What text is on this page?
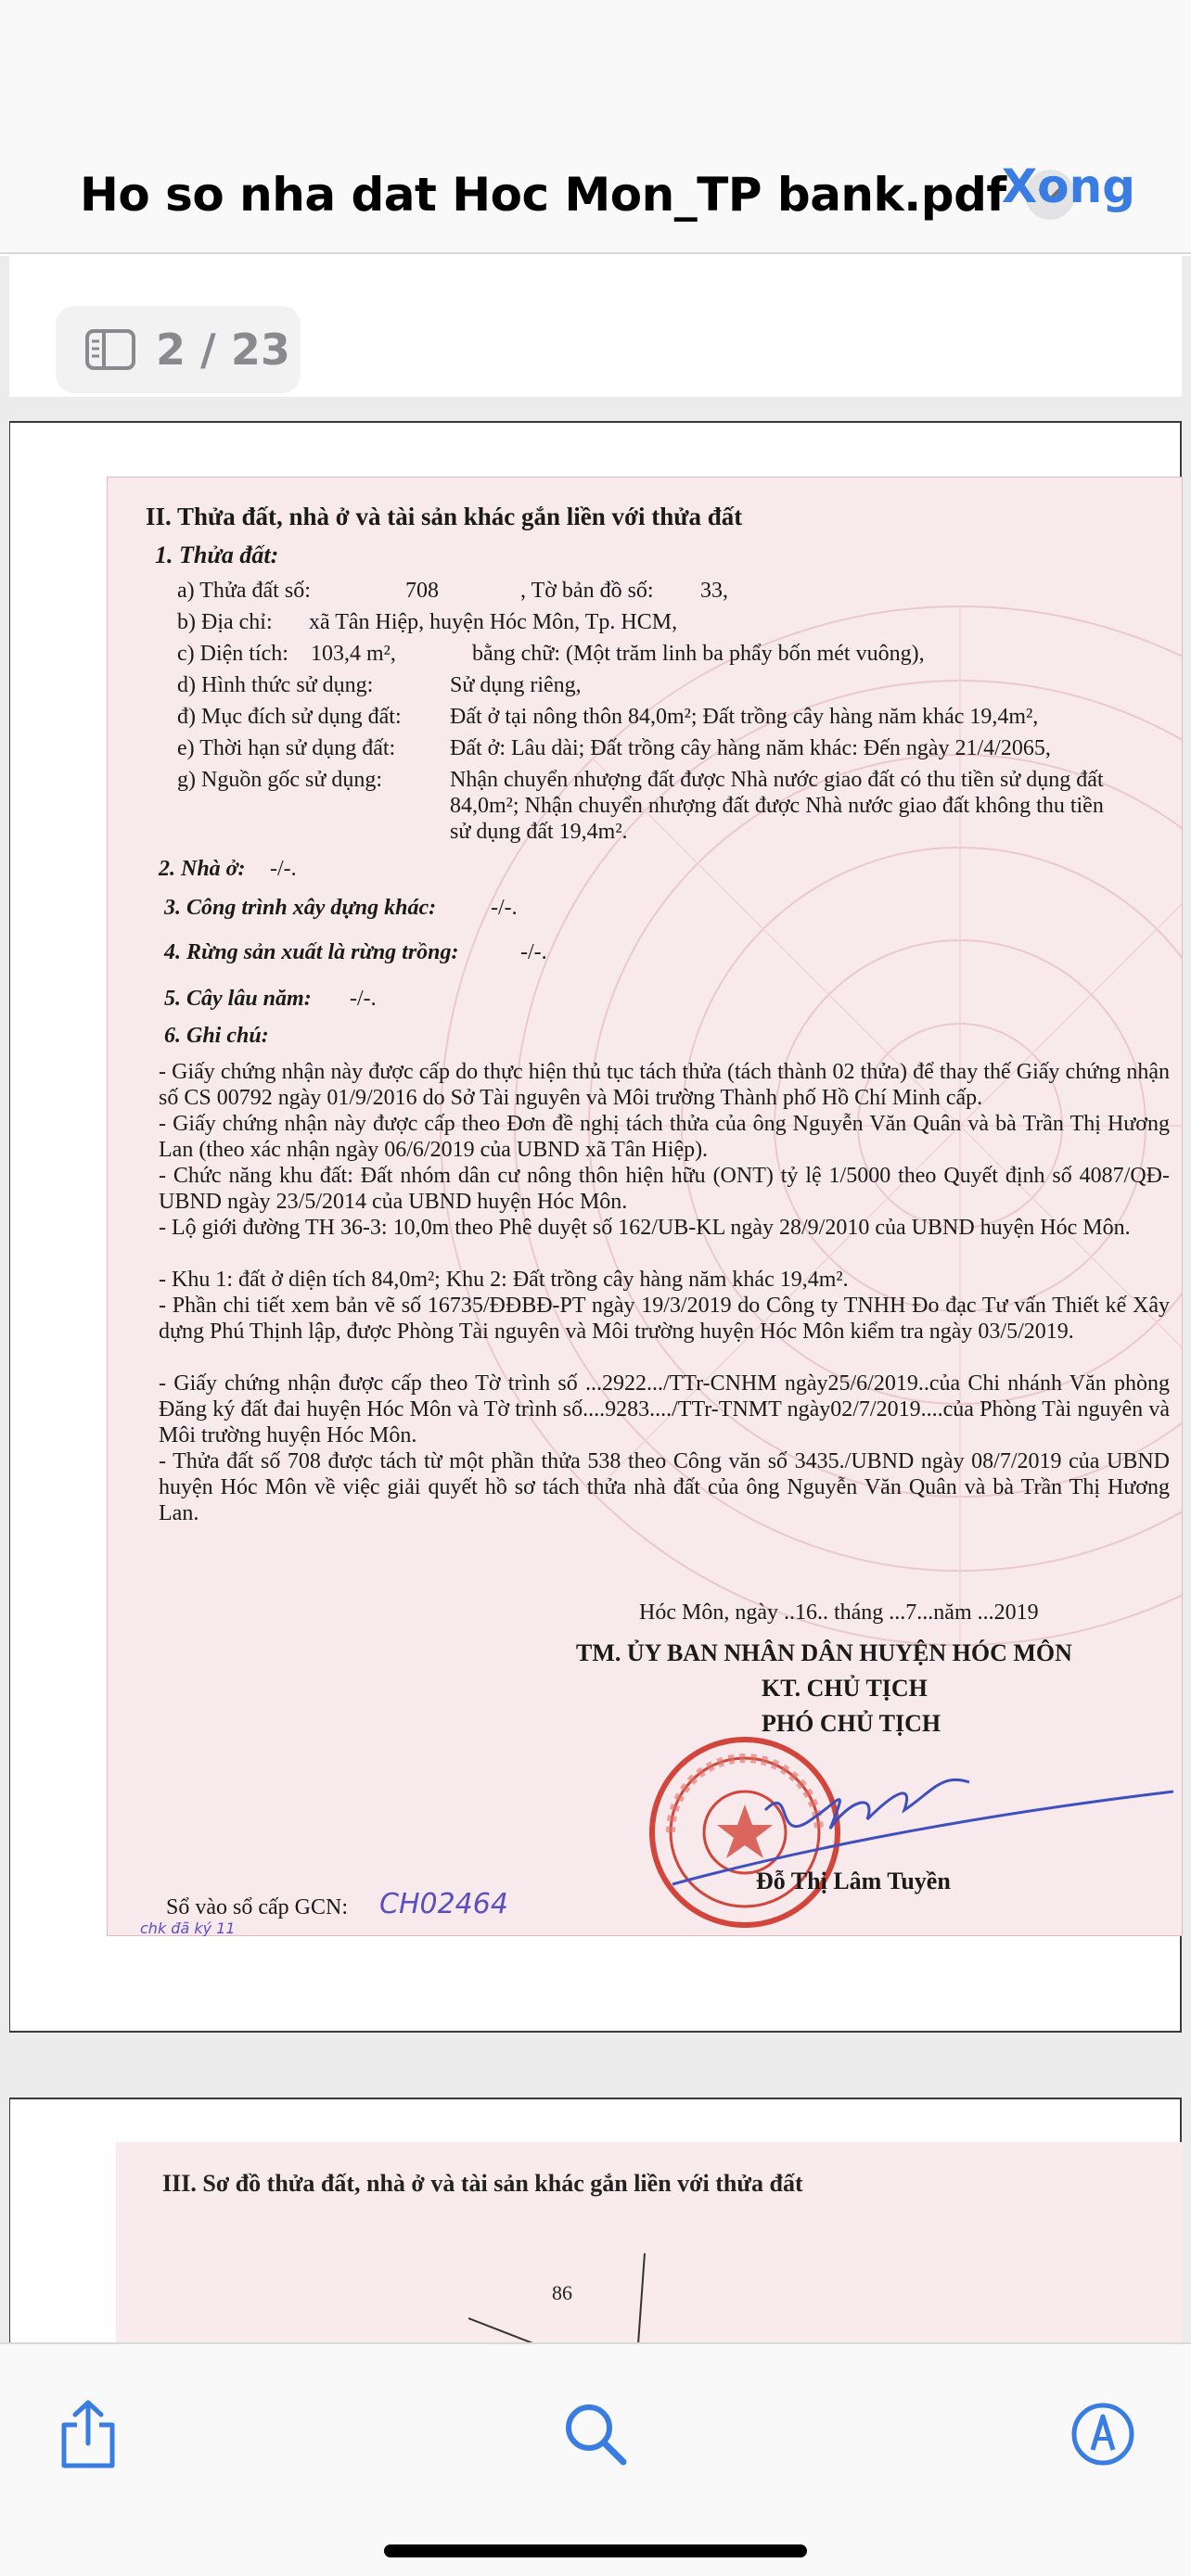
Ho so nha dat Hoc Mon_TP bank.pdf
Xong
2 / 23
II. Thửa đất, nhà ở và tài sản khác gắn liền với thửa đất
1. Thửa đất:
a) Thửa đất số:	708	, Tờ bản đồ số: 33,
b) Địa chỉ: xã Tân Hiệp, huyện Hóc Môn, Tp. HCM,
c) Diện tích: 103,4 m²,	bằng chữ: (Một trăm linh ba phẩy bốn mét vuông),
d) Hình thức sử dụng:	Sử dụng riêng,
đ) Mục đích sử dụng đất: Đất ở tại nông thôn 84,0m²; Đất trồng cây hàng năm khác 19,4m²,
e) Thời hạn sử dụng đất: Đất ở: Lâu dài; Đất trồng cây hàng năm khác: Đến ngày 21/4/2065,
g) Nguồn gốc sử dụng:	Nhận chuyển nhượng đất được Nhà nước giao đất có thu tiền sử dụng đất
84,0m²; Nhận chuyển nhượng đất được Nhà nước giao đất không thu tiền
sử dụng đất 19,4m².
2. Nhà ở: -/-.
3. Công trình xây dựng khác: -/-.
4. Rừng sản xuất là rừng trồng:	-/-.
5. Cây lâu năm: -/-.
6. Ghi chú:

- Giấy chứng nhận này được cấp do thực hiện thủ tục tách thửa (tách thành 02 thửa) để thay thế Giấy chứng nhận số CS 00792 ngày 01/9/2016 do Sở Tài nguyên và Môi trường Thành phố Hồ Chí Minh cấp.

- Giấy chứng nhận này được cấp theo Đơn đề nghị tách thửa của ông Nguyễn Văn Quân và bà Trần Thị Hương Lan (theo xác nhận ngày 06/6/2019 của UBND xã Tân Hiệp).

- Chức năng khu đất: Đất nhóm dân cư nông thôn hiện hữu (ONT) tỷ lệ 1/5000 theo Quyết định số 4087/QĐ-UBND ngày 23/5/2014 của UBND huyện Hóc Môn.

- Lộ giới đường TH 36-3: 10,0m theo Phê duyệt số 162/UB-KL ngày 28/9/2010 của UBND huyện Hóc Môn.

- Khu 1: đất ở diện tích 84,0m²; Khu 2: Đất trồng cây hàng năm khác 19,4m².

- Phần chi tiết xem bản vẽ số 16735/ĐĐBĐ-PT ngày 19/3/2019 do Công ty TNHH Đo đạc Tư vấn Thiết kế Xây dựng Phú Thịnh lập, được Phòng Tài nguyên và Môi trường huyện Hóc Môn kiểm tra ngày 03/5/2019.

- Giấy chứng nhận được cấp theo Tờ trình số ...2922.../TTr-CNHM ngày25/6/2019..của Chi nhánh Văn phòng Đăng ký đất đai huyện Hóc Môn và Tờ trình số....9283..../TTr-TNMT ngày02/7/2019....của Phòng Tài nguyên và Môi trường huyện Hóc Môn.

- Thửa đất số 708 được tách từ một phần thửa 538 theo Công văn số 3435./UBND ngày 08/7/2019 của UBND huyện Hóc Môn về việc giải quyết hồ sơ tách thửa nhà đất của ông Nguyễn Văn Quân và bà Trần Thị Hương Lan.

Hóc Môn, ngày ..16.. tháng ...7...năm ...2019
TM. ỦY BAN NHÂN DÂN HUYỆN HÓC MÔN
KT. CHỦ TỊCH
PHÓ CHỦ TỊCH
Đỗ Thị Lâm Tuyền
Sổ vào sổ cấp GCN: CH02464
chk đã ký 11
III. Sơ đồ thửa đất, nhà ở và tài sản khác gắn liền với thửa đất
86
